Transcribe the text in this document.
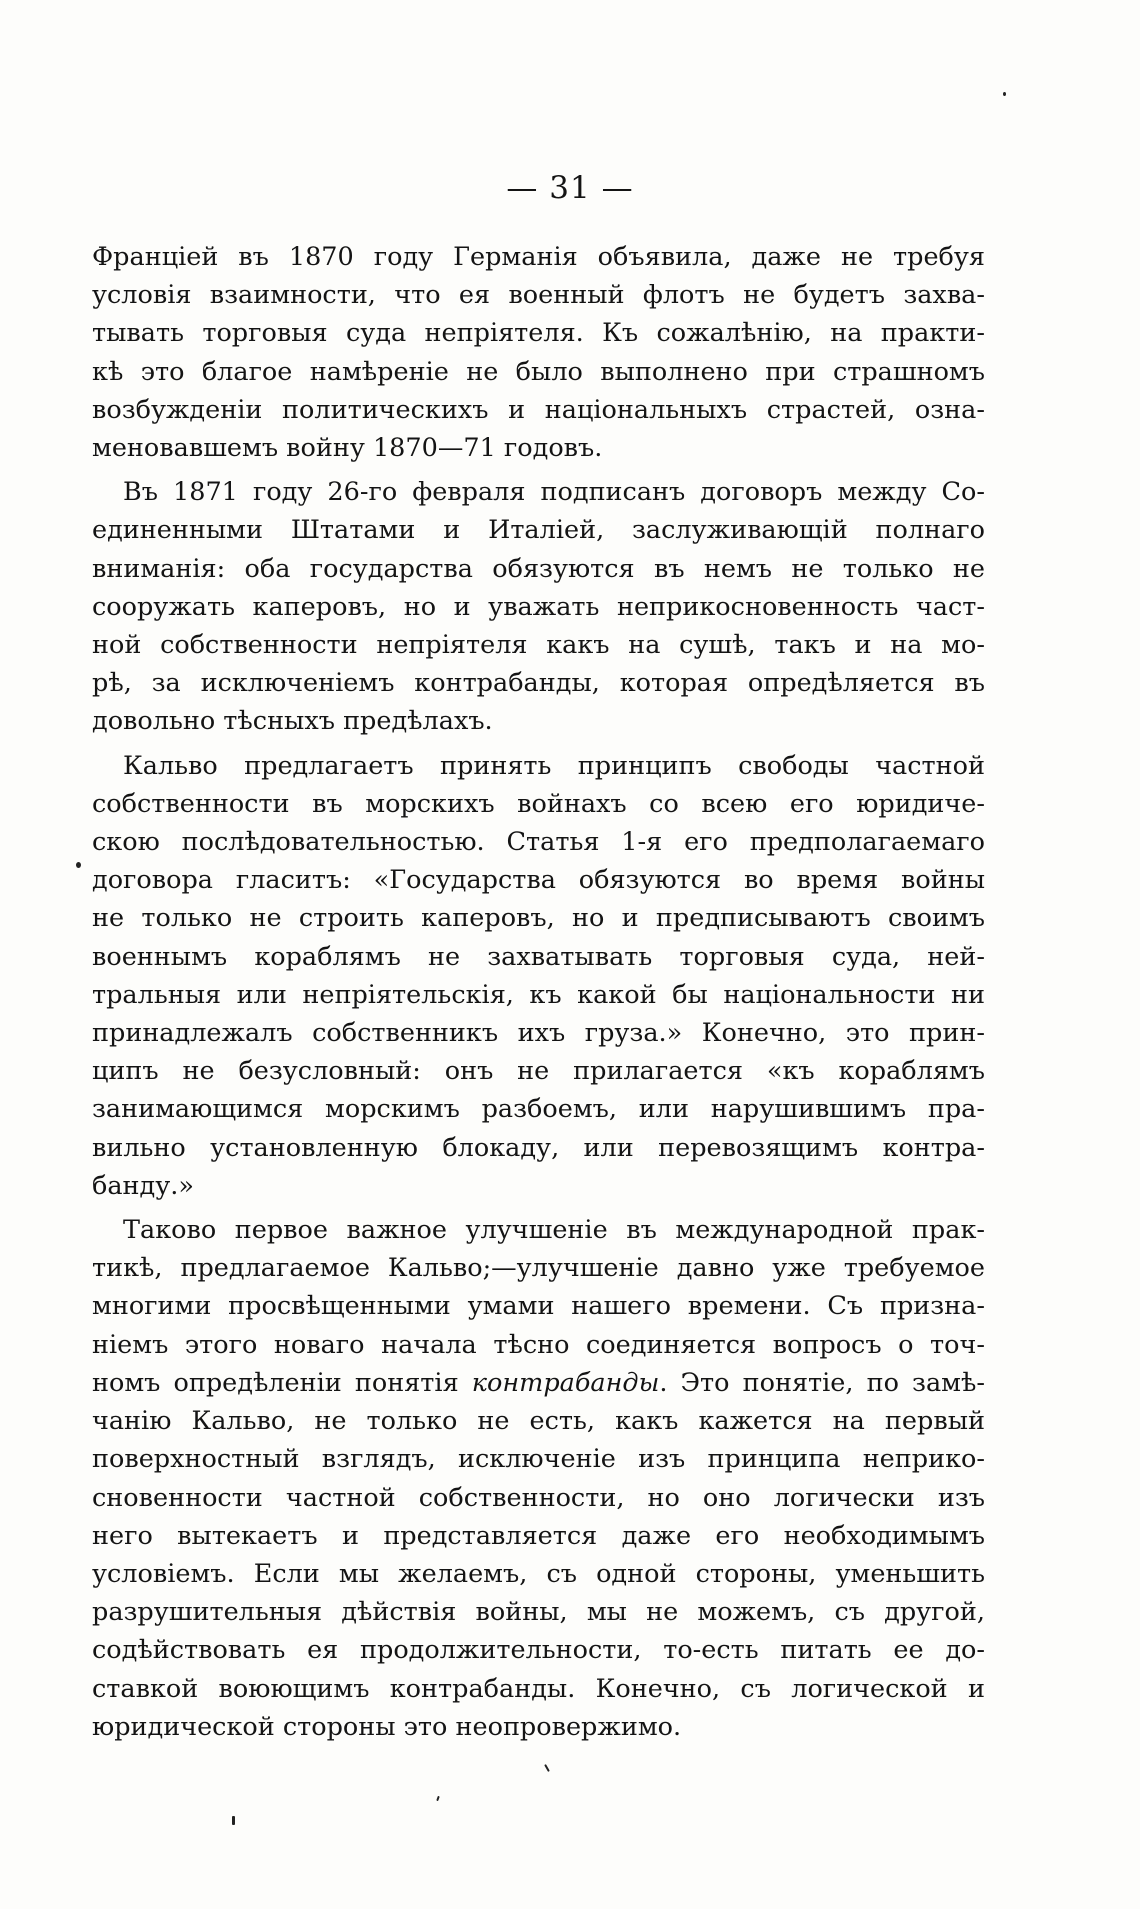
— 31 —

Франціей въ 1870 году Германія объявила, даже не требуя
условія взаимности, что ея военный флотъ не будетъ захва-
тывать торговыя суда непріятеля. Къ сожалѣнію, на практи-
кѣ это благое намѣреніе не было выполнено при страшномъ
возбужденіи политическихъ и національныхъ страстей, озна-
меновавшемъ войну 1870—71 годовъ.

Въ 1871 году 26-го февраля подписанъ договоръ между Со-
единенными Штатами и Италіей, заслуживающій полнаго
вниманія: оба государства обязуются въ немъ не только не
сооружать каперовъ, но и уважать неприкосновенность част-
ной собственности непріятеля какъ на сушѣ, такъ и на мо-
рѣ, за исключеніемъ контрабанды, которая опредѣляется въ
довольно тѣсныхъ предѣлахъ.

Кальво предлагаетъ принять принципъ свободы частной
собственности въ морскихъ войнахъ со всею его юридиче-
скою послѣдовательностью. Статья 1-я его предполагаемаго
договора гласитъ: «Государства обязуются во время войны
не только не строить каперовъ, но и предписываютъ своимъ
военнымъ кораблямъ не захватывать торговыя суда, ней-
тральныя или непріятельскія, къ какой бы національности ни
принадлежалъ собственникъ ихъ груза.» Конечно, это прин-
ципъ не безусловный: онъ не прилагается «къ кораблямъ
занимающимся морскимъ разбоемъ, или нарушившимъ пра-
вильно установленную блокаду, или перевозящимъ контра-
банду.»

Таково первое важное улучшеніе въ международной прак-
тикѣ, предлагаемое Кальво;—улучшеніе давно уже требуемое
многими просвѣщенными умами нашего времени. Съ призна-
ніемъ этого новаго начала тѣсно соединяется вопросъ о точ-
номъ опредѣленіи понятія контрабанды. Это понятіе, по замѣ-
чанію Кальво, не только не есть, какъ кажется на первый
поверхностный взглядъ, исключеніе изъ принципа неприко-
сновенности частной собственности, но оно логически изъ
него вытекаетъ и представляется даже его необходимымъ
условіемъ. Если мы желаемъ, съ одной стороны, уменьшить
разрушительныя дѣйствія войны, мы не можемъ, съ другой,
содѣйствовать ея продолжительности, то-есть питать ее до-
ставкой воюющимъ контрабанды. Конечно, съ логической и
юридической стороны это неопровержимо.
